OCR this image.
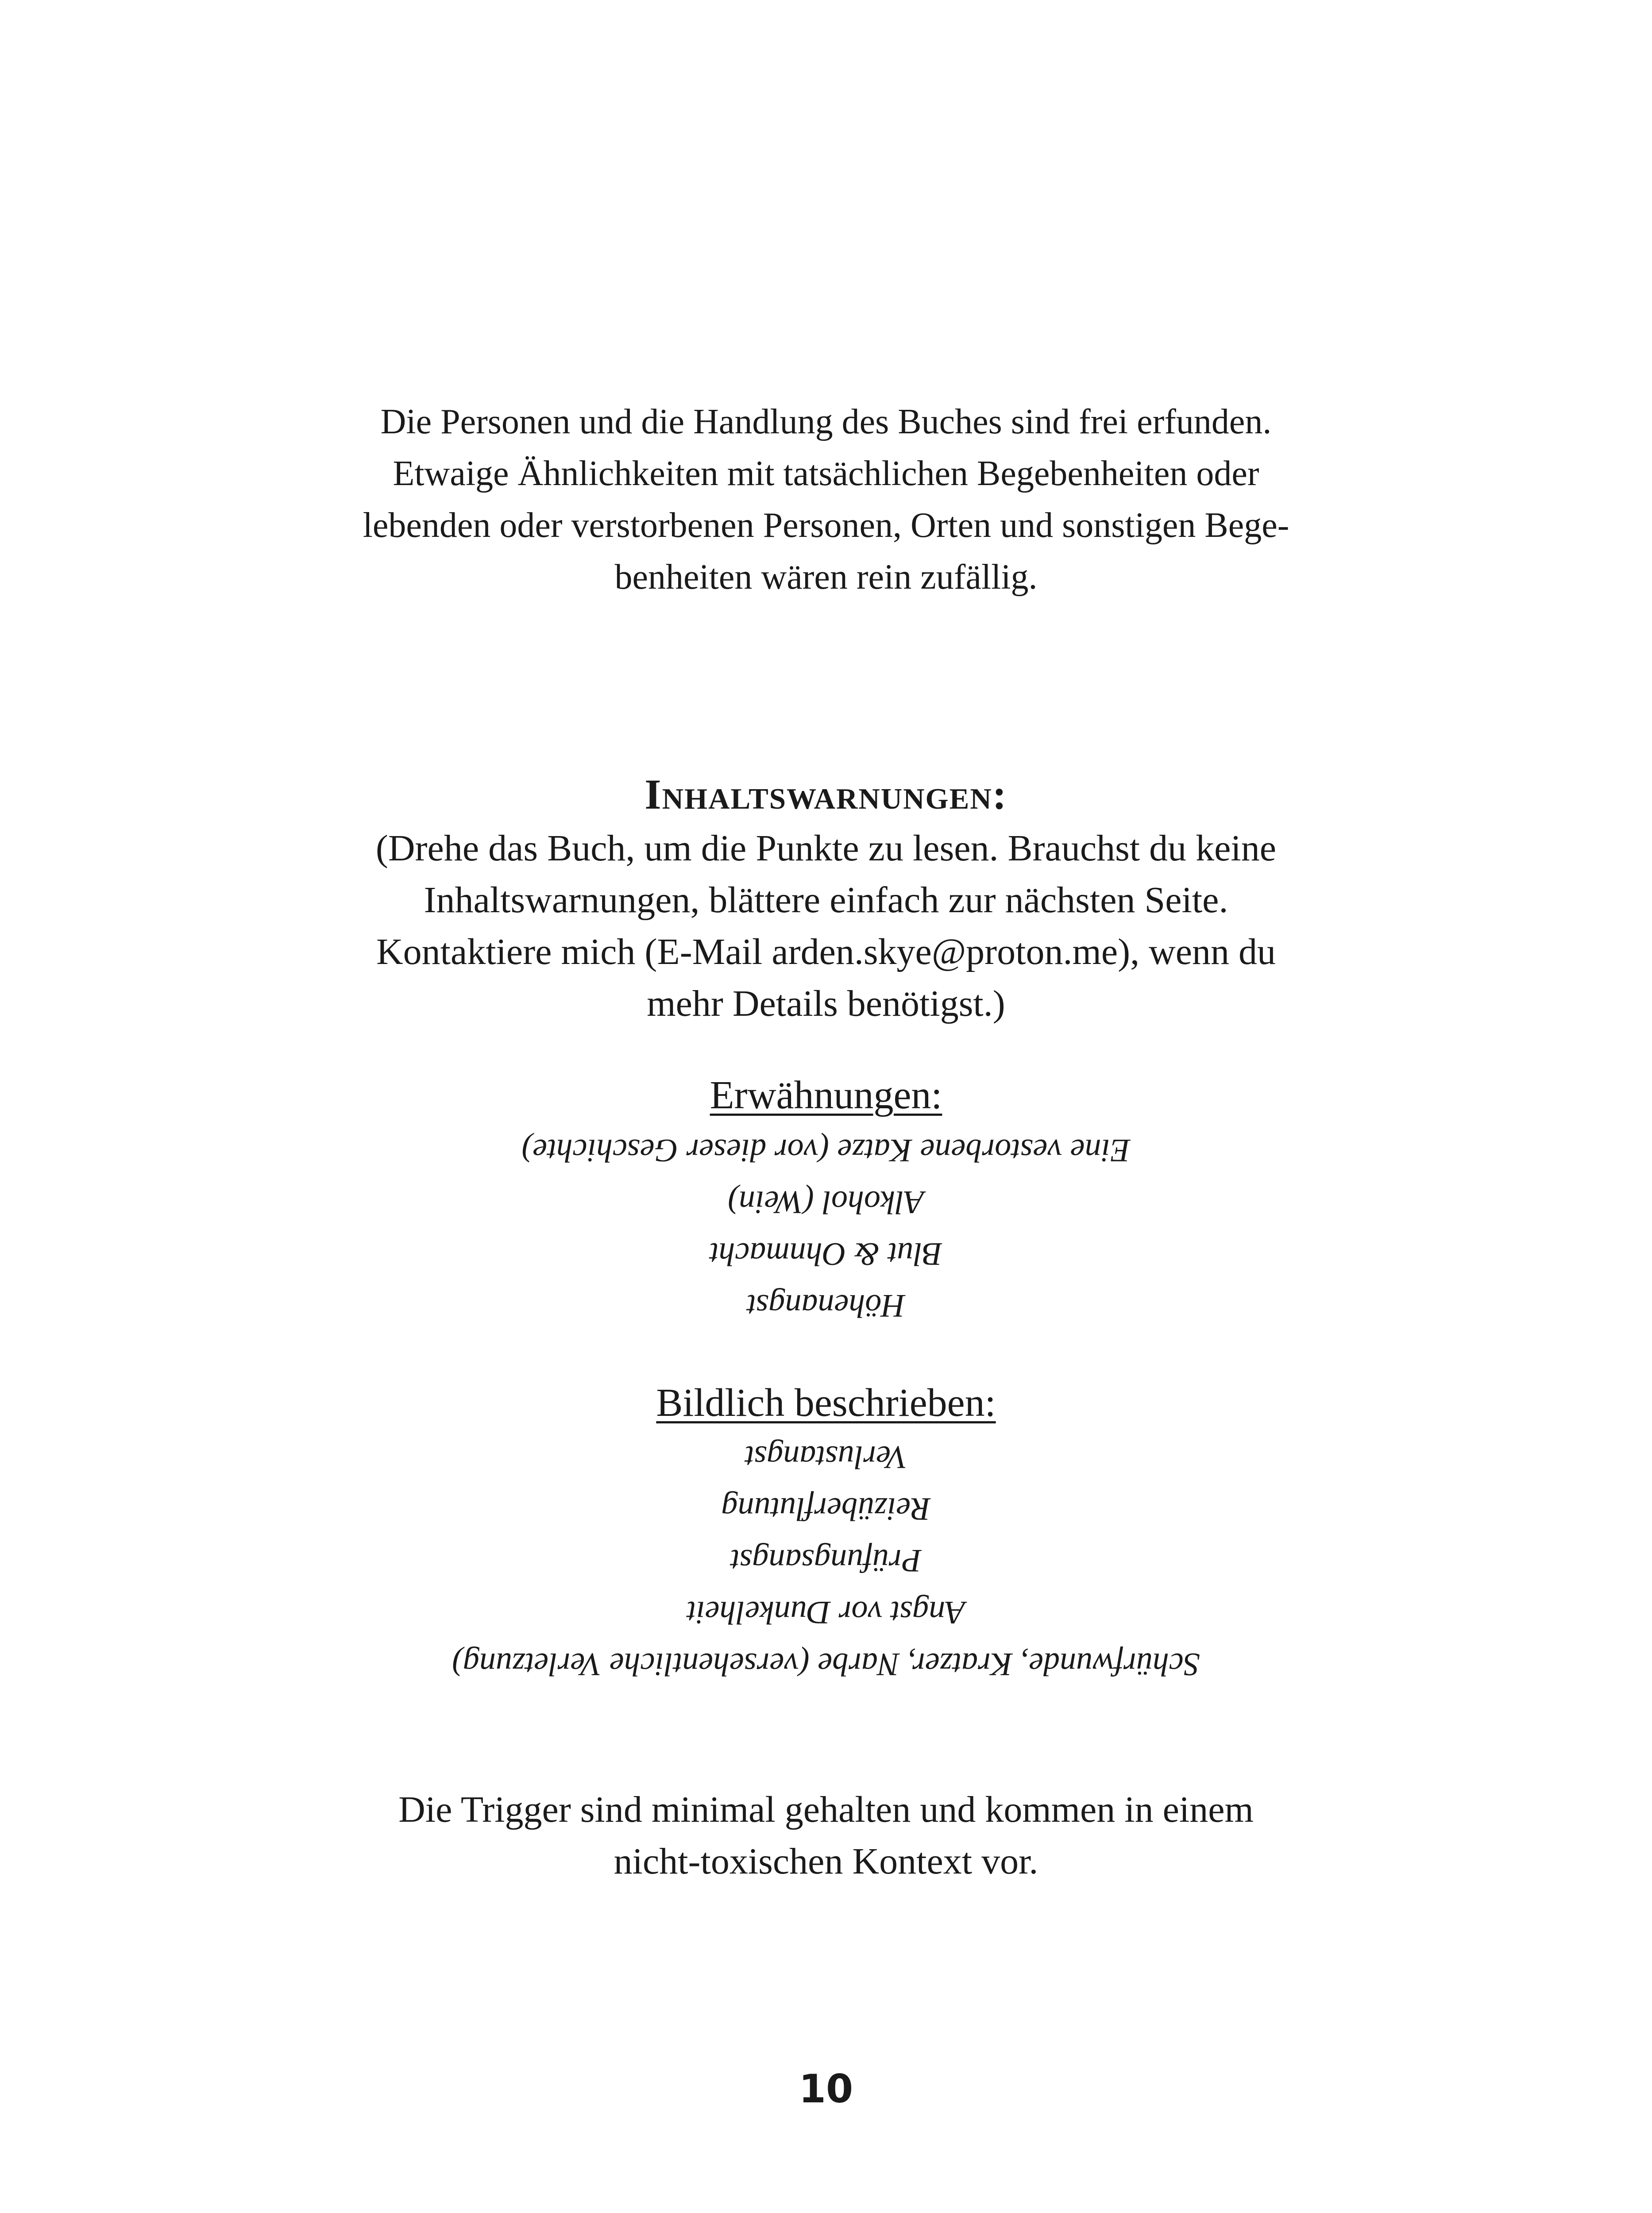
Die Personen und die Handlung des Buches sind frei erfunden.
Etwaige Ähnlichkeiten mit tatsächlichen Begebenheiten oder
lebenden oder verstorbenen Personen, Orten und sonstigen Bege-
benheiten wären rein zufällig.
Inhaltswarnungen:
(Drehe das Buch, um die Punkte zu lesen. Brauchst du keine
Inhaltswarnungen, blättere einfach zur nächsten Seite.
Kontaktiere mich (E-Mail arden.skye@proton.me), wenn du
mehr Details benötigst.)
Erwähnungen:
Höhenangst
Blut & Ohnmacht
Alkohol (Wein)
Eine vestorbene Katze (vor dieser Geschichte)
Bildlich beschrieben:
Schürfwunde, Kratzer, Narbe (versehentliche Verletzung)
Angst vor Dunkelheit
Prüfungsangst
Reizüberflutung
Verlustangst
Die Trigger sind minimal gehalten und kommen in einem
nicht-toxischen Kontext vor.
10
